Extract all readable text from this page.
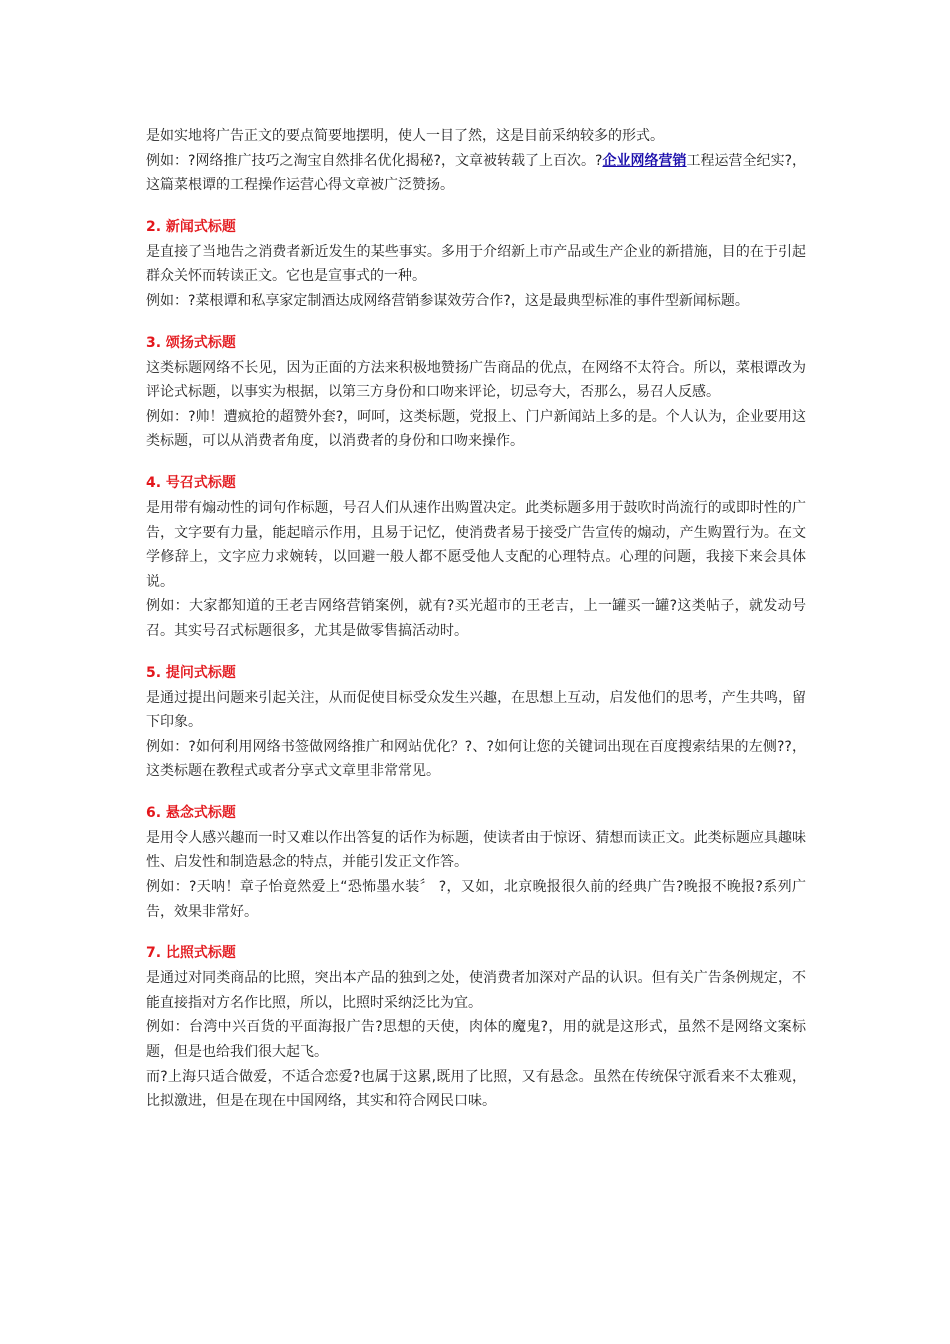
是如实地将广告正文的要点简要地摆明，使人一目了然，这是目前采纳较多的形式。

例如：?网络推广技巧之淘宝自然排名优化揭秘?，文章被转载了上百次。?企业网络营销工程运营全纪实?，这篇菜根谭的工程操作运营心得文章被广泛赞扬。

2. 新闻式标题

是直接了当地告之消费者新近发生的某些事实。多用于介绍新上市产品或生产企业的新措施，目的在于引起群众关怀而转读正文。它也是宣事式的一种。

例如：?菜根谭和私享家定制酒达成网络营销参谋效劳合作?，这是最典型标准的事件型新闻标题。

3. 颂扬式标题

这类标题网络不长见，因为正面的方法来积极地赞扬广告商品的优点，在网络不太符合。所以，菜根谭改为评论式标题，以事实为根据，以第三方身份和口吻来评论，切忌夸大，否那么，易召人反感。

例如：?帅！遭疯抢的超赞外套?，呵呵，这类标题，党报上、门户新闻站上多的是。个人认为，企业要用这类标题，可以从消费者角度，以消费者的身份和口吻来操作。

4. 号召式标题

是用带有煽动性的词句作标题，号召人们从速作出购置决定。此类标题多用于鼓吹时尚流行的或即时性的广告，文字要有力量，能起暗示作用，且易于记忆，使消费者易于接受广告宣传的煽动，产生购置行为。在文学修辞上，文字应力求婉转，以回避一般人都不愿受他人支配的心理特点。心理的问题，我接下来会具体说。

例如：大家都知道的王老吉网络营销案例，就有?买光超市的王老吉，上一罐买一罐?这类帖子，就发动号召。其实号召式标题很多，尤其是做零售搞活动时。

5. 提问式标题

是通过提出问题来引起关注，从而促使目标受众发生兴趣，在思想上互动，启发他们的思考，产生共鸣，留下印象。

例如：?如何利用网络书签做网络推广和网站优化？?、?如何让您的关键词出现在百度搜索结果的左侧??，这类标题在教程式或者分享式文章里非常常见。

6. 悬念式标题

是用令人感兴趣而一时又难以作出答复的话作为标题，使读者由于惊讶、猜想而读正文。此类标题应具趣味性、启发性和制造悬念的特点，并能引发正文作答。

例如：?天呐！章子怡竟然爱上“恐怖墨水装〞 ?，又如，北京晚报很久前的经典广告?晚报不晚报?系列广告，效果非常好。

7. 比照式标题

是通过对同类商品的比照，突出本产品的独到之处，使消费者加深对产品的认识。但有关广告条例规定，不能直接指对方名作比照，所以，比照时采纳泛比为宜。

例如：台湾中兴百货的平面海报广告?思想的天使，肉体的魔鬼?，用的就是这形式，虽然不是网络文案标题，但是也给我们很大起飞。

而?上海只适合做爱，不适合恋爱?也属于这累,既用了比照，又有悬念。虽然在传统保守派看来不太雅观，比拟激进，但是在现在中国网络，其实和符合网民口味。
